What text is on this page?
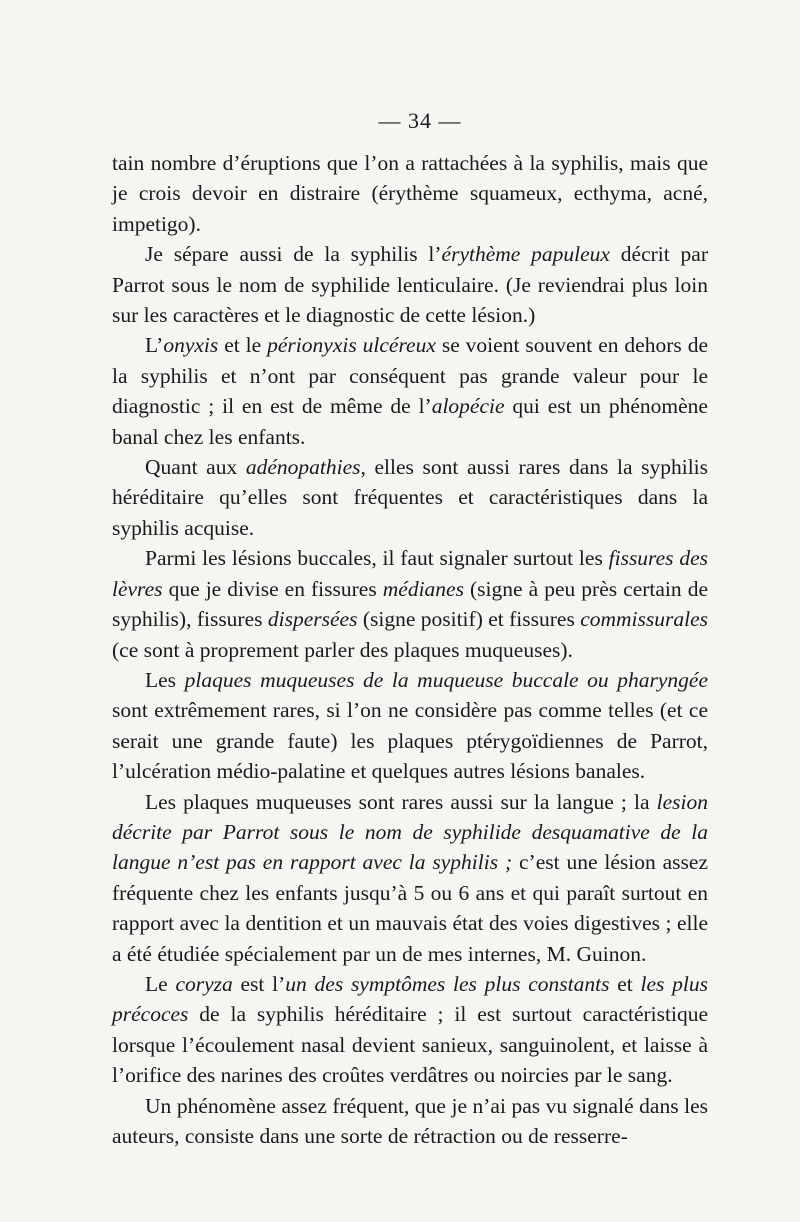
— 34 —

tain nombre d’éruptions que l’on a rattachées à la syphilis, mais que je crois devoir en distraire (érythème squameux, ecthyma, acné, impetigo).

Je sépare aussi de la syphilis l’érythème papuleux décrit par Parrot sous le nom de syphilide lenticulaire. (Je reviendrai plus loin sur les caractères et le diagnostic de cette lésion.)

L’onyxis et le périonyxis ulcéreux se voient souvent en dehors de la syphilis et n’ont par conséquent pas grande valeur pour le diagnostic ; il en est de même de l’alopécie qui est un phénomène banal chez les enfants.

Quant aux adénopathies, elles sont aussi rares dans la syphilis héréditaire qu’elles sont fréquentes et caractéristiques dans la syphilis acquise.

Parmi les lésions buccales, il faut signaler surtout les fissures des lèvres que je divise en fissures médianes (signe à peu près certain de syphilis), fissures dispersées (signe positif) et fissures commissurales (ce sont à proprement parler des plaques muqueuses).

Les plaques muqueuses de la muqueuse buccale ou pharyngée sont extrêmement rares, si l’on ne considère pas comme telles (et ce serait une grande faute) les plaques ptérygoïdiennes de Parrot, l’ulcération médio-palatine et quelques autres lésions banales.

Les plaques muqueuses sont rares aussi sur la langue ; la lesion décrite par Parrot sous le nom de syphilide desquamative de la langue n’est pas en rapport avec la syphilis ; c’est une lésion assez fréquente chez les enfants jusqu’à 5 ou 6 ans et qui paraît surtout en rapport avec la dentition et un mauvais état des voies digestives ; elle a été étudiée spécialement par un de mes internes, M. Guinon.

Le coryza est l’un des symptômes les plus constants et les plus précoces de la syphilis héréditaire ; il est surtout caractéristique lorsque l’écoulement nasal devient sanieux, sanguinolent, et laisse à l’orifice des narines des croûtes verdâtres ou noircies par le sang.

Un phénomène assez fréquent, que je n’ai pas vu signalé dans les auteurs, consiste dans une sorte de rétraction ou de resserre-
